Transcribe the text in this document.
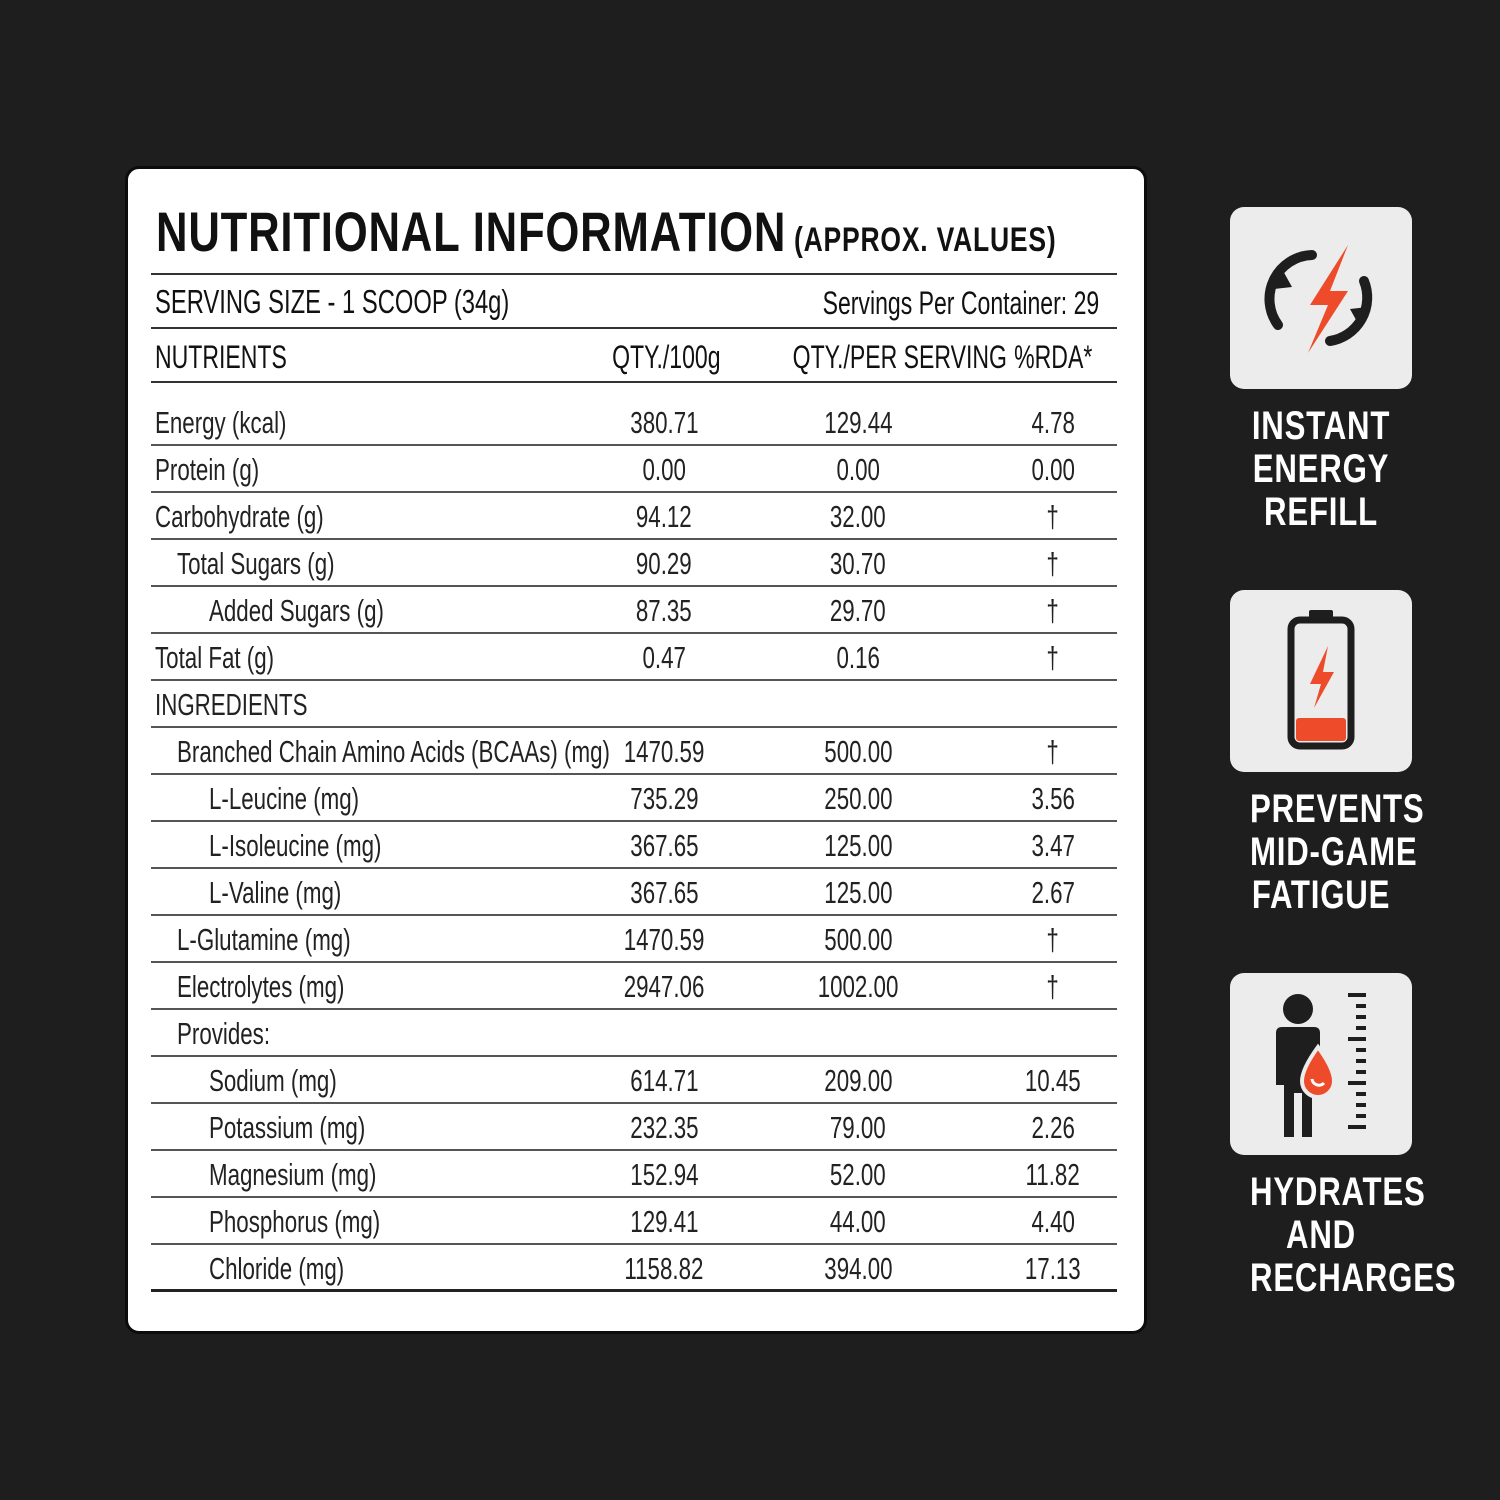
NUTRITIONAL INFORMATION (APPROX. VALUES)
SERVING SIZE - 1 SCOOP (34g)	Servings Per Container: 29
NUTRIENTS	QTY./100g	QTY./PER SERVING %RDA*
Energy (kcal)	380.71	129.44	4.78
Protein (g)	0.00	0.00	0.00
Carbohydrate (g)	94.12	32.00	†
Total Sugars (g)	90.29	30.70	†
Added Sugars (g)	87.35	29.70	†
Total Fat (g)	0.47	0.16	†
INGREDIENTS
Branched Chain Amino Acids (BCAAs) (mg) 1470.59	500.00	†
L-Leucine (mg)	735.29	250.00	3.56
L-Isoleucine (mg)	367.65	125.00	3.47
L-Valine (mg)	367.65	125.00	2.67
L-Glutamine (mg)	1470.59	500.00	†
Electrolytes (mg)	2947.06	1002.00	†
Provides:
Sodium (mg)	614.71	209.00	10.45
Potassium (mg)	232.35	79.00	2.26
Magnesium (mg)	152.94	52.00	11.82
Phosphorus (mg)	129.41	44.00	4.40
Chloride (mg)	1158.82	394.00	17.13
INSTANT
ENERGY
REFILL
PREVENTS
MID-GAME
FATIGUE
HYDRATES
AND
RECHARGES
